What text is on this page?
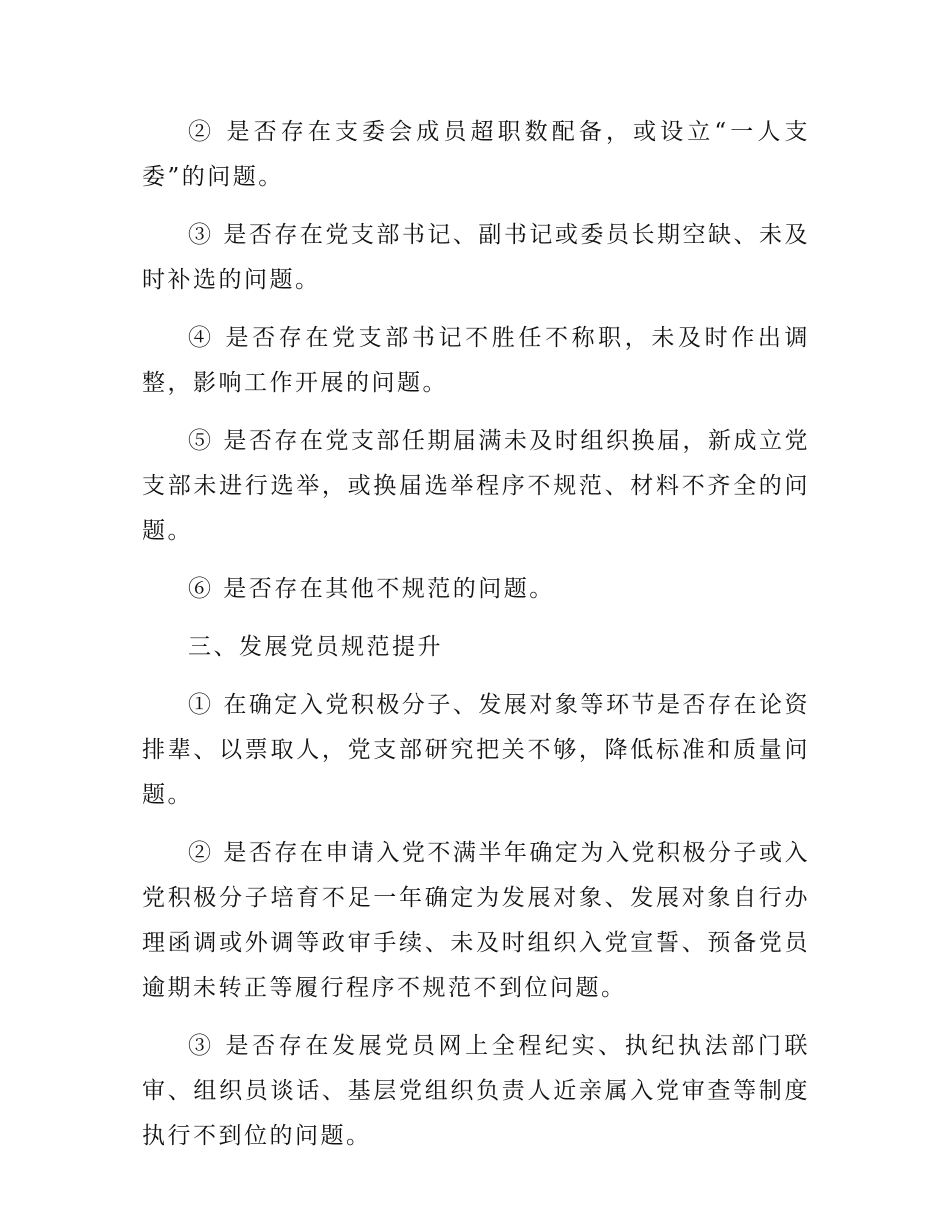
② 是否存在支委会成员超职数配备，或设立“一人支委”的问题。

③ 是否存在党支部书记、副书记或委员长期空缺、未及时补选的问题。

④ 是否存在党支部书记不胜任不称职，未及时作出调整，影响工作开展的问题。

⑤ 是否存在党支部任期届满未及时组织换届，新成立党支部未进行选举，或换届选举程序不规范、材料不齐全的问题。

⑥ 是否存在其他不规范的问题。

三、发展党员规范提升

① 在确定入党积极分子、发展对象等环节是否存在论资排辈、以票取人，党支部研究把关不够，降低标准和质量问题。

② 是否存在申请入党不满半年确定为入党积极分子或入党积极分子培育不足一年确定为发展对象、发展对象自行办理函调或外调等政审手续、未及时组织入党宣誓、预备党员逾期未转正等履行程序不规范不到位问题。

③ 是否存在发展党员网上全程纪实、执纪执法部门联审、组织员谈话、基层党组织负责人近亲属入党审查等制度执行不到位的问题。
